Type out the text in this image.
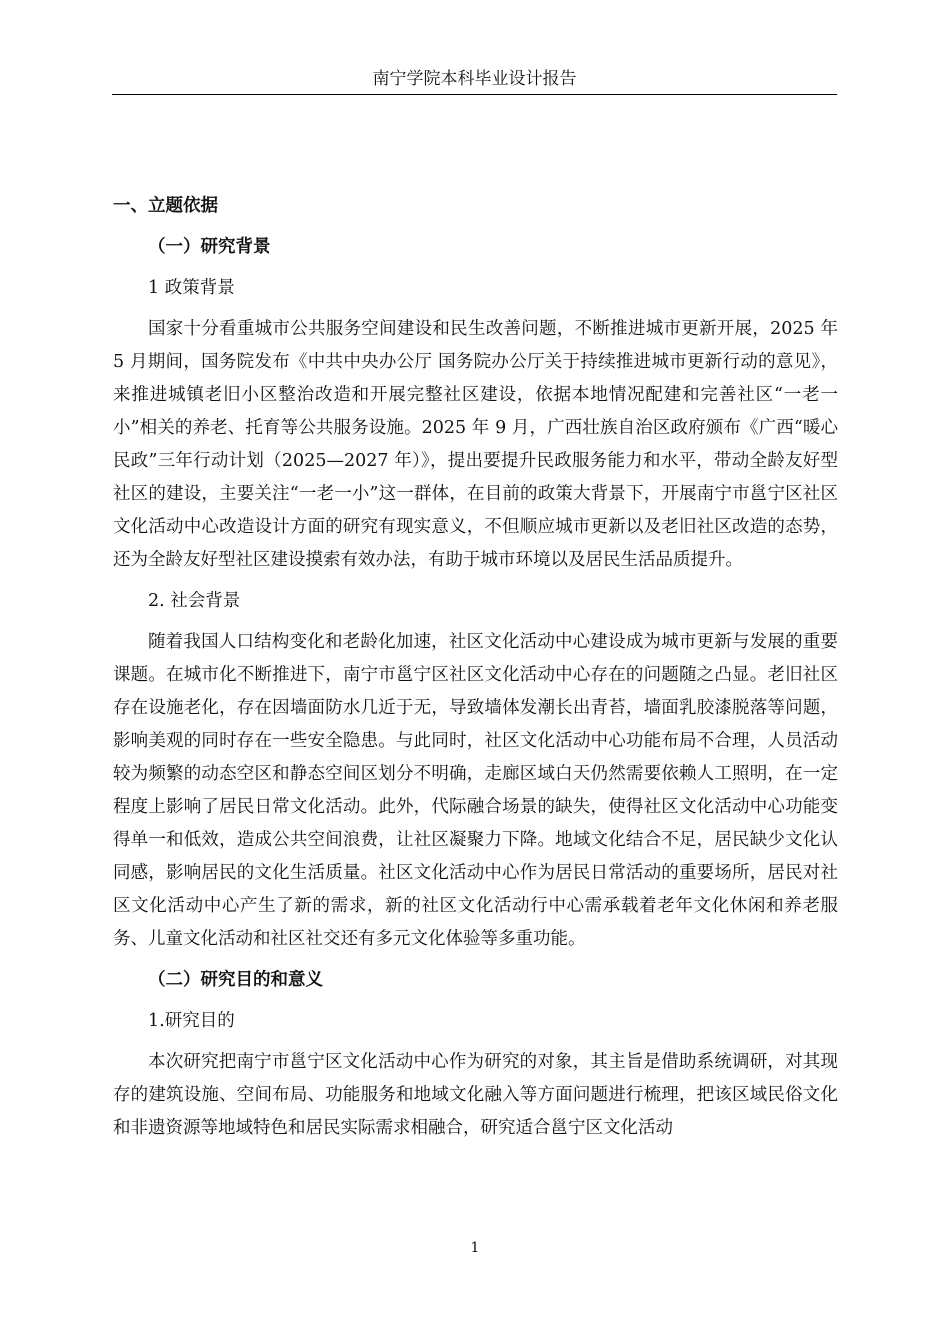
南宁学院本科毕业设计报告

一、立题依据

（一）研究背景

1 政策背景

国家十分看重城市公共服务空间建设和民生改善问题，不断推进城市更新开展，2025 年 5 月期间，国务院发布《中共中央办公厅 国务院办公厅关于持续推进城市更新行动的意见》，来推进城镇老旧小区整治改造和开展完整社区建设，依据本地情况配建和完善社区“一老一小”相关的养老、托育等公共服务设施。2025 年 9 月，广西壮族自治区政府颁布《广西“暖心民政”三年行动计划（2025—2027 年）》，提出要提升民政服务能力和水平，带动全龄友好型社区的建设，主要关注“一老一小”这一群体，在目前的政策大背景下，开展南宁市邕宁区社区文化活动中心改造设计方面的研究有现实意义，不但顺应城市更新以及老旧社区改造的态势，还为全龄友好型社区建设摸索有效办法，有助于城市环境以及居民生活品质提升。

2. 社会背景

随着我国人口结构变化和老龄化加速，社区文化活动中心建设成为城市更新与发展的重要课题。在城市化不断推进下，南宁市邕宁区社区文化活动中心存在的问题随之凸显。老旧社区存在设施老化，存在因墙面防水几近于无，导致墙体发潮长出青苔，墙面乳胶漆脱落等问题，影响美观的同时存在一些安全隐患。与此同时，社区文化活动中心功能布局不合理，人员活动较为频繁的动态空区和静态空间区划分不明确，走廊区域白天仍然需要依赖人工照明，在一定程度上影响了居民日常文化活动。此外，代际融合场景的缺失，使得社区文化活动中心功能变得单一和低效，造成公共空间浪费，让社区凝聚力下降。地域文化结合不足，居民缺少文化认同感，影响居民的文化生活质量。社区文化活动中心作为居民日常活动的重要场所，居民对社区文化活动中心产生了新的需求，新的社区文化活动行中心需承载着老年文化休闲和养老服务、儿童文化活动和社区社交还有多元文化体验等多重功能。

（二）研究目的和意义

1.研究目的

本次研究把南宁市邕宁区文化活动中心作为研究的对象，其主旨是借助系统调研，对其现存的建筑设施、空间布局、功能服务和地域文化融入等方面问题进行梳理，把该区域民俗文化和非遗资源等地域特色和居民实际需求相融合，研究适合邕宁区文化活动

1
